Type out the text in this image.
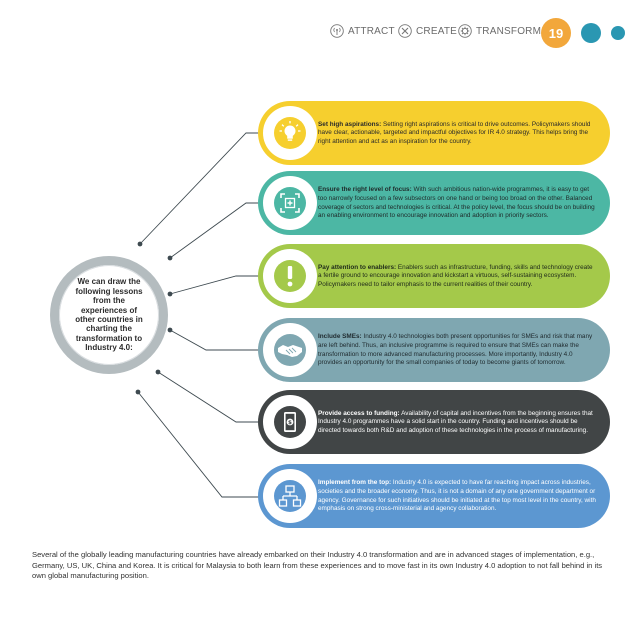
ATTRACT CREATE TRANSFORM 19
We can draw the following lessons from the experiences of other countries in charting the transformation to Industry 4.0:

Set high aspirations: Setting right aspirations is critical to drive outcomes. Policymakers should have clear, actionable, targeted and impactful objectives for IR 4.0 strategy. This helps bring the right attention and act as an inspiration for the country.

Ensure the right level of focus: With such ambitious nation-wide programmes, it is easy to get too narrowly focused on a few subsectors on one hand or being too broad on the other. Balanced coverage of sectors and technologies is critical. At the policy level, the focus should be on building an enabling environment to encourage innovation and adoption in priority sectors.

Pay attention to enablers: Enablers such as infrastructure, funding, skills and technology create a fertile ground to encourage innovation and kickstart a virtuous, self-sustaining ecosystem. Policymakers need to tailor emphasis to the current realities of their country.

Include SMEs: Industry 4.0 technologies both present opportunities for SMEs and risk that many are left behind. Thus, an inclusive programme is required to ensure that SMEs can make the transformation to more advanced manufacturing processes. More importantly, Industry 4.0 provides an opportunity for the small companies of today to become giants of tomorrow.

$

Provide access to funding: Availability of capital and incentives from the beginning ensures that Industry 4.0 programmes have a solid start in the country. Funding and incentives should be directed towards both R&D and adoption of these technologies in the process of manufacturing.

Implement from the top: Industry 4.0 is expected to have far reaching impact across industries, societies and the broader economy. Thus, it is not a domain of any one government department or agency. Governance for such initiatives should be initiated at the top most level in the country, with emphasis on strong cross-ministerial and agency collaboration.

Several of the globally leading manufacturing countries have already embarked on their Industry 4.0 transformation and are in advanced stages of implementation, e.g., Germany, US, UK, China and Korea. It is critical for Malaysia to both learn from these experiences and to move fast in its own Industry 4.0 adoption to not fall behind in its own global manufacturing position.
